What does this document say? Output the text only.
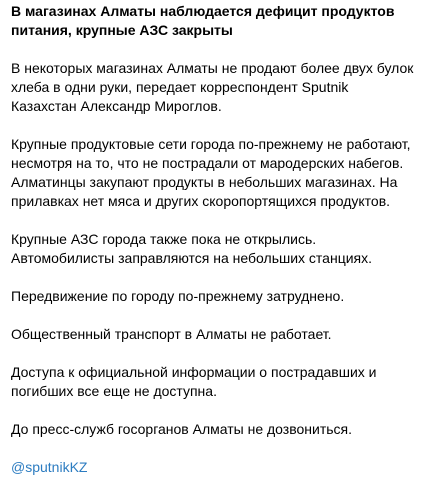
В магазинах Алматы наблюдается дефицит продуктов питания, крупные АЗС закрыты

В некоторых магазинах Алматы не продают более двух булок хлеба в одни руки, передает корреспондент Sputnik Казахстан Александр Мироглов.

Крупные продуктовые сети города по-прежнему не работают, несмотря на то, что не пострадали от мародерских набегов. Алматинцы закупают продукты в небольших магазинах. На прилавках нет мяса и других скоропортящихся продуктов.

Крупные АЗС города также пока не открылись. Автомобилисты заправляются на небольших станциях.

Передвижение по городу по-прежнему затруднено.

Общественный транспорт в Алматы не работает.

Доступа к официальной информации о пострадавших и погибших все еще не доступна.

До пресс-служб госорганов Алматы не дозвониться.

@sputnikKZ
